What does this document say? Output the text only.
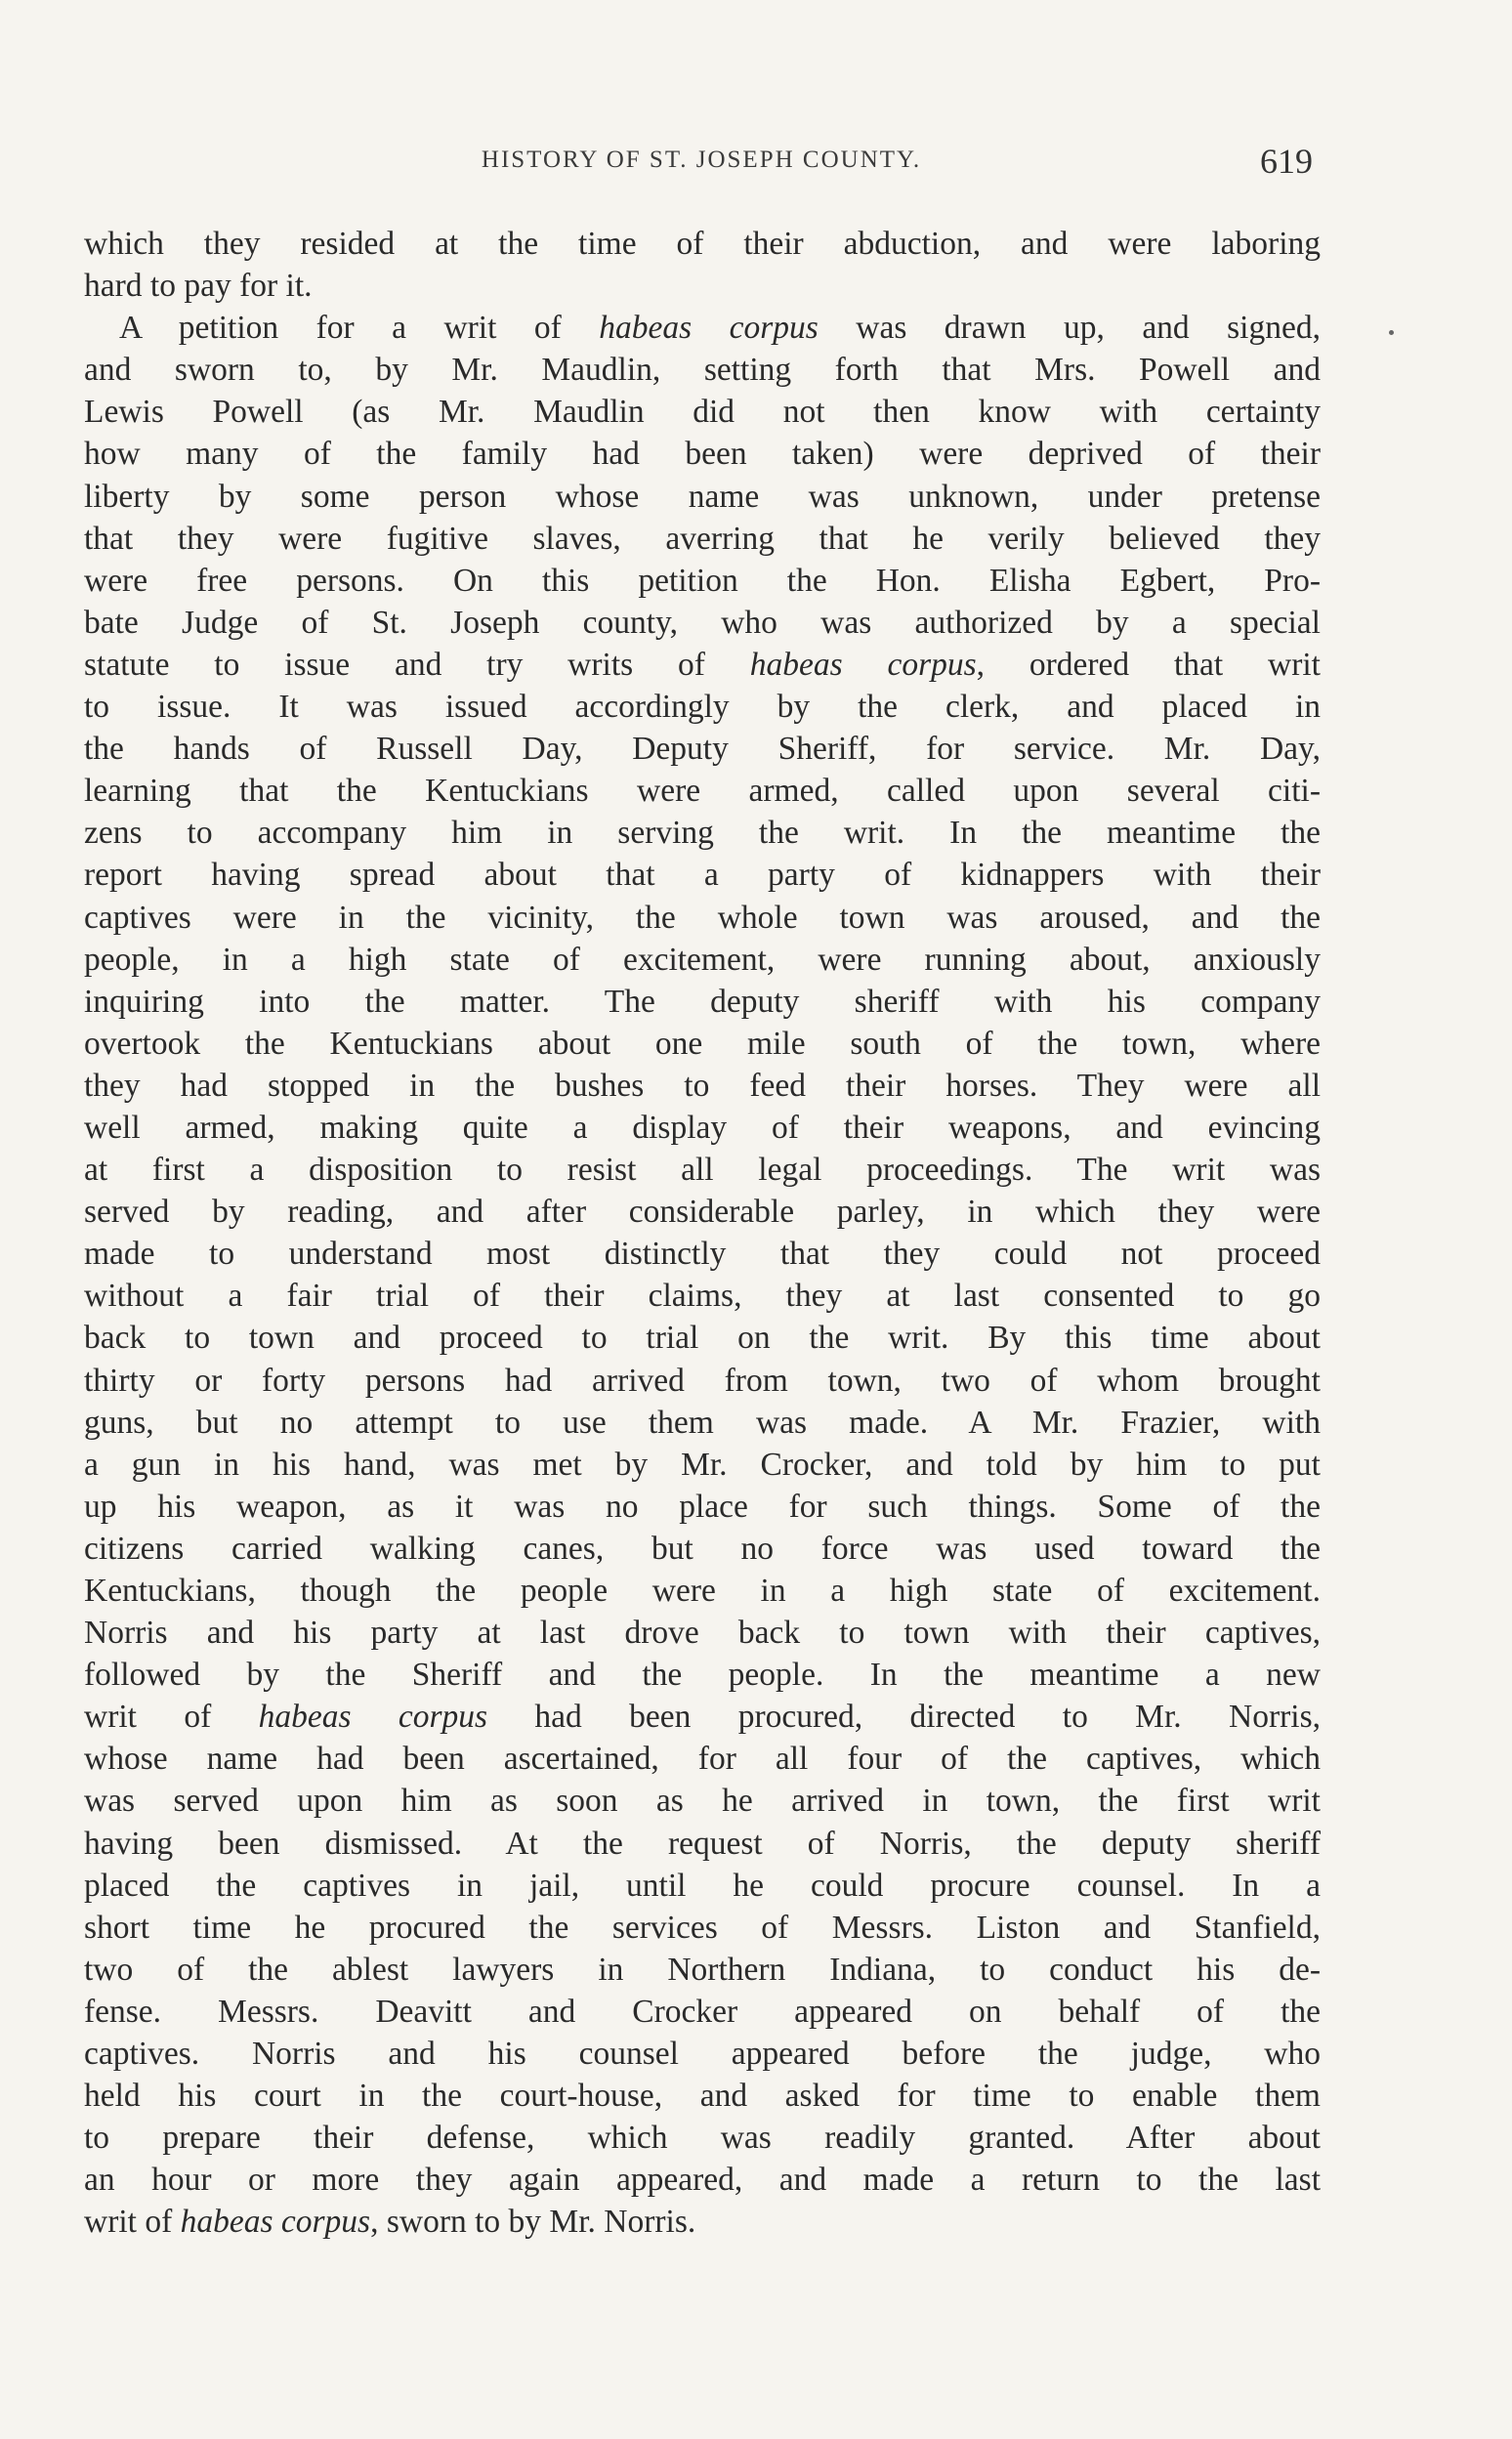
HISTORY OF ST. JOSEPH COUNTY.	619
which they resided at the time of their abduction, and were laboring
hard to pay for it.
A petition for a writ of habeas corpus was drawn up, and signed,
and sworn to, by Mr. Maudlin, setting forth that Mrs. Powell and
Lewis Powell (as Mr. Maudlin did not then know with certainty
how many of the family had been taken) were deprived of their
liberty by some person whose name was unknown, under pretense
that they were fugitive slaves, averring that he verily believed they
were free persons. On this petition the Hon. Elisha Egbert, Pro-
bate Judge of St. Joseph county, who was authorized by a special
statute to issue and try writs of habeas corpus, ordered that writ
to issue. It was issued accordingly by the clerk, and placed in
the hands of Russell Day, Deputy Sheriff, for service. Mr. Day,
learning that the Kentuckians were armed, called upon several citi-
zens to accompany him in serving the writ. In the meantime the
report having spread about that a party of kidnappers with their
captives were in the vicinity, the whole town was aroused, and the
people, in a high state of excitement, were running about, anxiously
inquiring into the matter. The deputy sheriff with his company
overtook the Kentuckians about one mile south of the town, where
they had stopped in the bushes to feed their horses. They were all
well armed, making quite a display of their weapons, and evincing
at first a disposition to resist all legal proceedings. The writ was
served by reading, and after considerable parley, in which they were
made to understand most distinctly that they could not proceed
without a fair trial of their claims, they at last consented to go
back to town and proceed to trial on the writ. By this time about
thirty or forty persons had arrived from town, two of whom brought
guns, but no attempt to use them was made. A Mr. Frazier, with
a gun in his hand, was met by Mr. Crocker, and told by him to put
up his weapon, as it was no place for such things. Some of the
citizens carried walking canes, but no force was used toward the
Kentuckians, though the people were in a high state of excitement.
Norris and his party at last drove back to town with their captives,
followed by the Sheriff and the people. In the meantime a new
writ of habeas corpus had been procured, directed to Mr. Norris,
whose name had been ascertained, for all four of the captives, which
was served upon him as soon as he arrived in town, the first writ
having been dismissed. At the request of Norris, the deputy sheriff
placed the captives in jail, until he could procure counsel. In a
short time he procured the services of Messrs. Liston and Stanfield,
two of the ablest lawyers in Northern Indiana, to conduct his de-
fense. Messrs. Deavitt and Crocker appeared on behalf of the
captives. Norris and his counsel appeared before the judge, who
held his court in the court-house, and asked for time to enable them
to prepare their defense, which was readily granted. After about
an hour or more they again appeared, and made a return to the last
writ of habeas corpus, sworn to by Mr. Norris.
